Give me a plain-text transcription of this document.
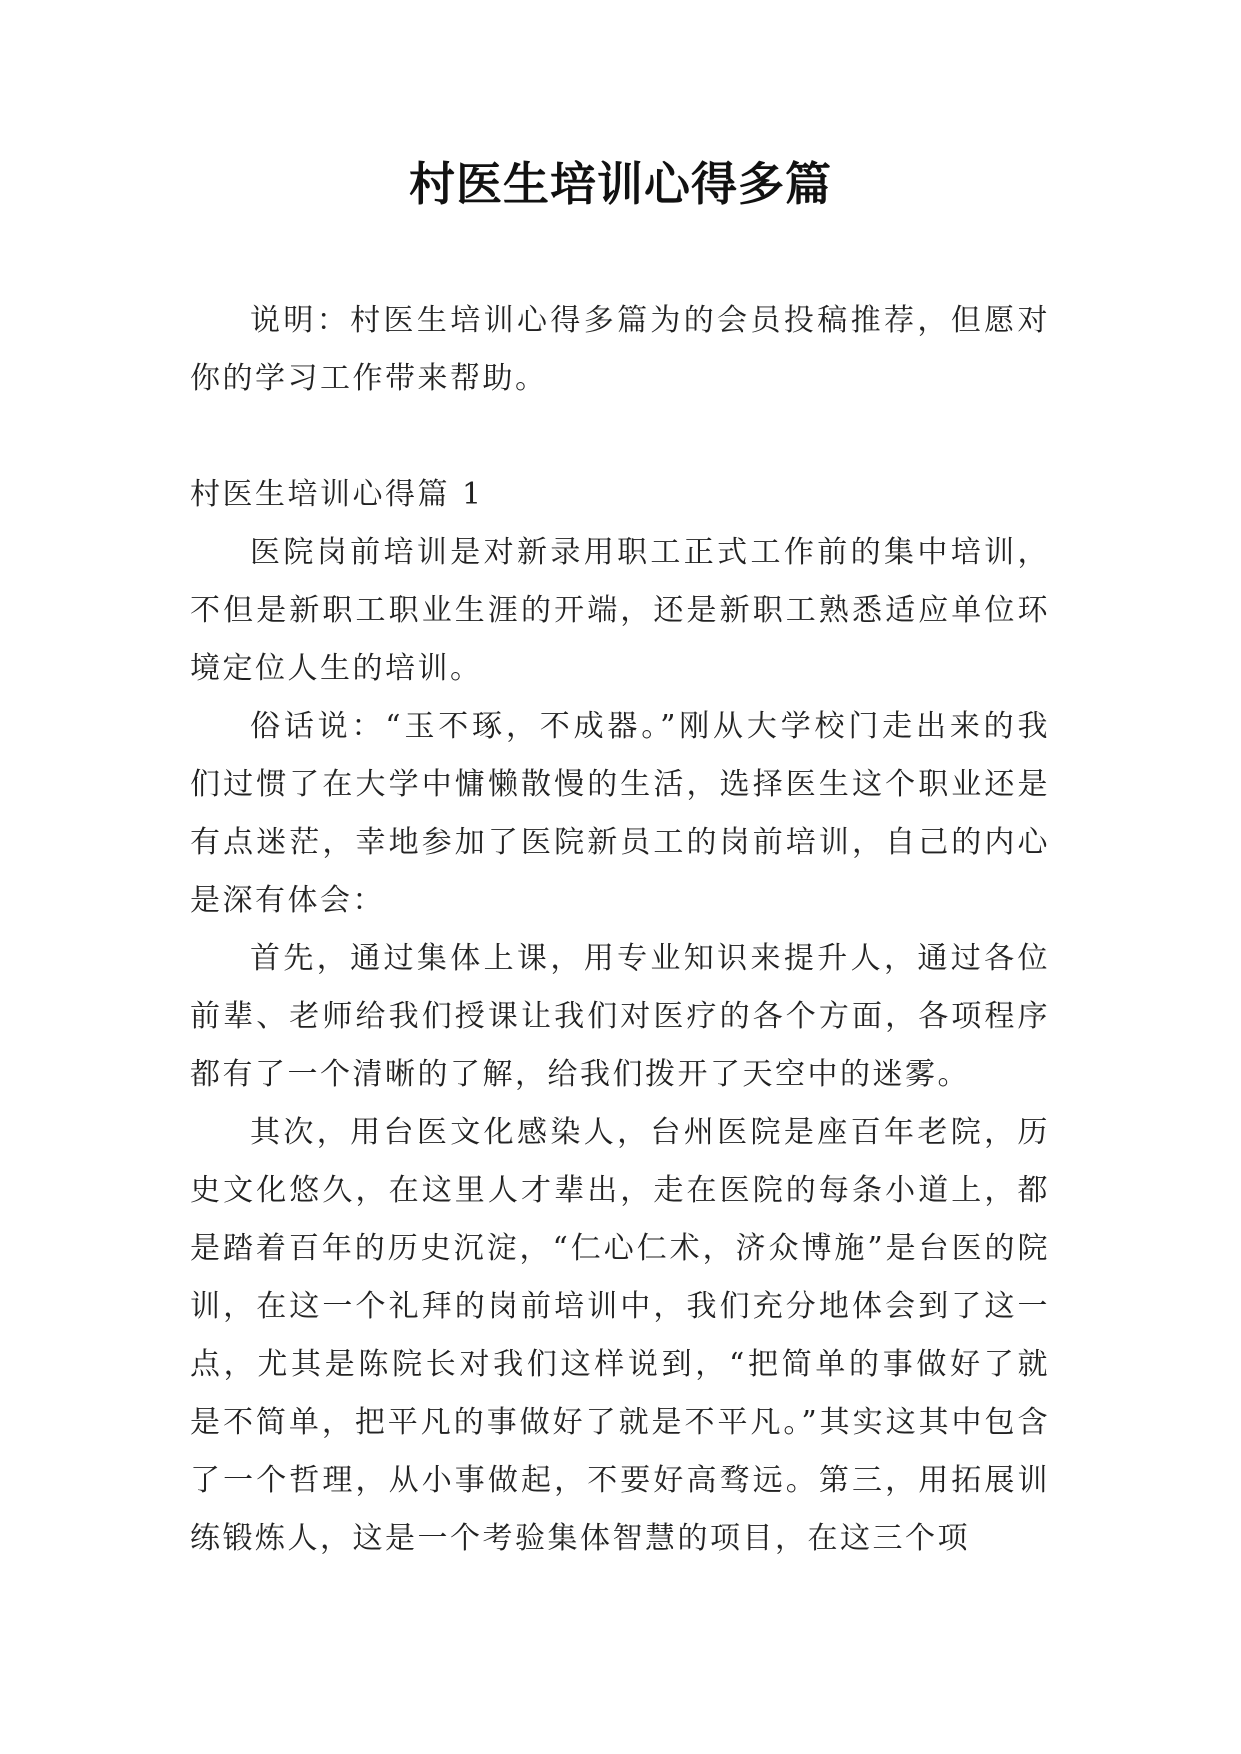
村医生培训心得多篇

说明：村医生培训心得多篇为的会员投稿推荐，但愿对你的学习工作带来帮助。

村医生培训心得篇 1

医院岗前培训是对新录用职工正式工作前的集中培训，不但是新职工职业生涯的开端，还是新职工熟悉适应单位环境定位人生的培训。

俗话说：“玉不琢，不成器。”刚从大学校门走出来的我们过惯了在大学中慵懒散慢的生活，选择医生这个职业还是有点迷茫，幸地参加了医院新员工的岗前培训，自己的内心是深有体会：

首先，通过集体上课，用专业知识来提升人，通过各位前辈、老师给我们授课让我们对医疗的各个方面，各项程序都有了一个清晰的了解，给我们拨开了天空中的迷雾。

其次，用台医文化感染人，台州医院是座百年老院，历史文化悠久，在这里人才辈出，走在医院的每条小道上，都是踏着百年的历史沉淀，“仁心仁术，济众博施”是台医的院训，在这一个礼拜的岗前培训中，我们充分地体会到了这一点，尤其是陈院长对我们这样说到，“把简单的事做好了就是不简单，把平凡的事做好了就是不平凡。”其实这其中包含了一个哲理，从小事做起，不要好高骛远。第三，用拓展训练锻炼人，这是一个考验集体智慧的项目，在这三个项
